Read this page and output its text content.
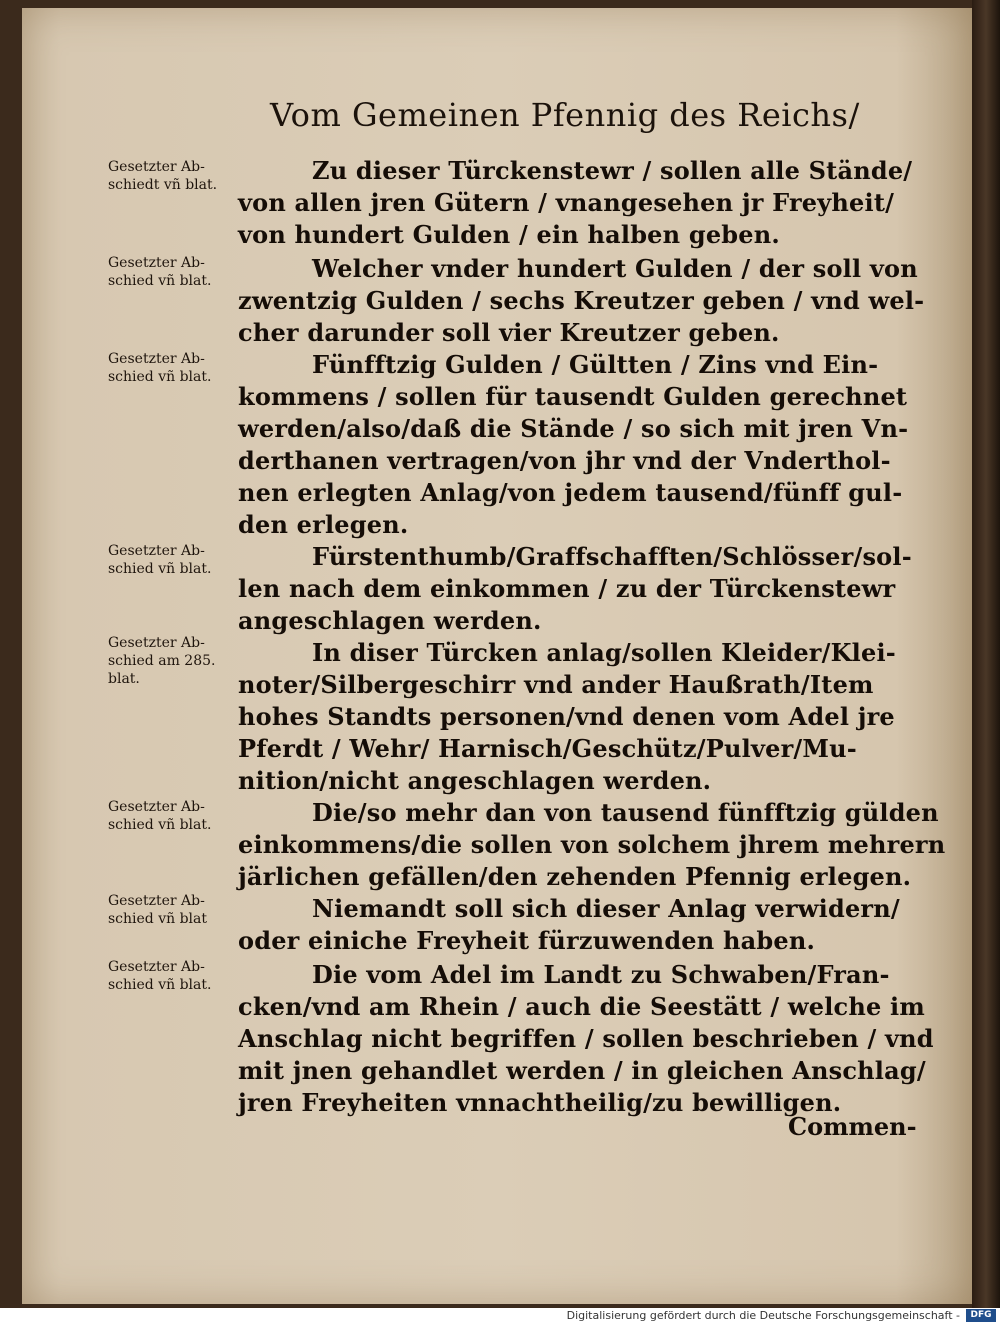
Vom Gemeinen Pfennig des Reichs/
Gesetzter Ab-
schiedt vñ blat.
Gesetzter Ab-
schied vñ blat.
Gesetzter Ab-
schied vñ blat.
Gesetzter Ab-
schied vñ blat.
Gesetzter Ab-
schied am 285.
blat.
Gesetzter Ab-
schied vñ blat.
Gesetzter Ab-
schied vñ blat
Gesetzter Ab-
schied vñ blat.
Zu dieser Türckenstewr / sollen alle Stände/
von allen jren Gütern / vnangesehen jr Freyheit/
von hundert Gulden / ein halben geben.
Welcher vnder hundert Gulden / der soll von
zwentzig Gulden / sechs Kreutzer geben / vnd wel-
cher darunder soll vier Kreutzer geben.
Fünfftzig Gulden / Gültten / Zins vnd Ein-
kommens / sollen für tausendt Gulden gerechnet
werden/also/daß die Stände / so sich mit jren Vn-
derthanen vertragen/von jhr vnd der Vnderthol-
nen erlegten Anlag/von jedem tausend/fünff gul-
den erlegen.
Fürstenthumb/Graffschafften/Schlösser/sol-
len nach dem einkommen / zu der Türckenstewr
angeschlagen werden.
In diser Türcken anlag/sollen Kleider/Klei-
noter/Silbergeschirr vnd ander Haußrath/Item
hohes Standts personen/vnd denen vom Adel jre
Pferdt / Wehr/ Harnisch/Geschütz/Pulver/Mu-
nition/nicht angeschlagen werden.
Die/so mehr dan von tausend fünfftzig gülden
einkommens/die sollen von solchem jhrem mehrern
järlichen gefällen/den zehenden Pfennig erlegen.
Niemandt soll sich dieser Anlag verwidern/
oder einiche Freyheit fürzuwenden haben.
Die vom Adel im Landt zu Schwaben/Fran-
cken/vnd am Rhein / auch die Seestätt / welche im
Anschlag nicht begriffen / sollen beschrieben / vnd
mit jnen gehandlet werden / in gleichen Anschlag/
jren Freyheiten vnnachtheilig/zu bewilligen.
Commen-
Digitalisierung gefördert durch die Deutsche Forschungsgemeinschaft -	DFG
